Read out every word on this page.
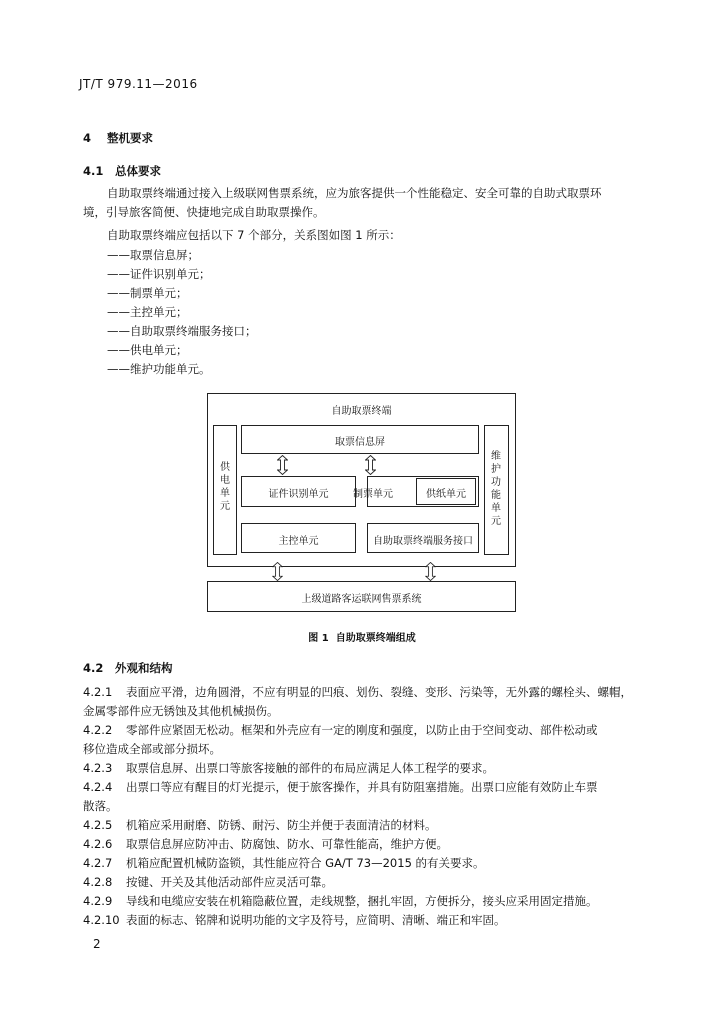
JT/T 979.11—2016
4 整机要求
4.1 总体要求
自助取票终端通过接入上级联网售票系统，应为旅客提供一个性能稳定、安全可靠的自助式取票环
境，引导旅客简便、快捷地完成自助取票操作。
自助取票终端应包括以下 7 个部分，关系图如图 1 所示：
——取票信息屏；
——证件识别单元；
——制票单元；
——主控单元；
——自助取票终端服务接口；
——供电单元；
——维护功能单元。
自助取票终端
取票信息屏
供电单元
维护功能单元
证件识别单元	制票单元	供纸单元
主控单元	自助取票终端服务接口
上级道路客运联网售票系统
图 1 自助取票终端组成
4.2 外观和结构
4.2.1 表面应平滑，边角圆滑，不应有明显的凹痕、划伤、裂缝、变形、污染等，无外露的螺栓头、螺帽，
金属零部件应无锈蚀及其他机械损伤。
4.2.2 零部件应紧固无松动。框架和外壳应有一定的刚度和强度，以防止由于空间变动、部件松动或
移位造成全部或部分损坏。
4.2.3 取票信息屏、出票口等旅客接触的部件的布局应满足人体工程学的要求。
4.2.4 出票口等应有醒目的灯光提示，便于旅客操作，并具有防阻塞措施。出票口应能有效防止车票
散落。
4.2.5 机箱应采用耐磨、防锈、耐污、防尘并便于表面清洁的材料。
4.2.6 取票信息屏应防冲击、防腐蚀、防水、可靠性能高，维护方便。
4.2.7 机箱应配置机械防盗锁，其性能应符合 GA/T 73—2015 的有关要求。
4.2.8 按键、开关及其他活动部件应灵活可靠。
4.2.9 导线和电缆应安装在机箱隐蔽位置，走线规整，捆扎牢固，方便拆分，接头应采用固定措施。
4.2.10 表面的标志、铭牌和说明功能的文字及符号，应简明、清晰、端正和牢固。
2
